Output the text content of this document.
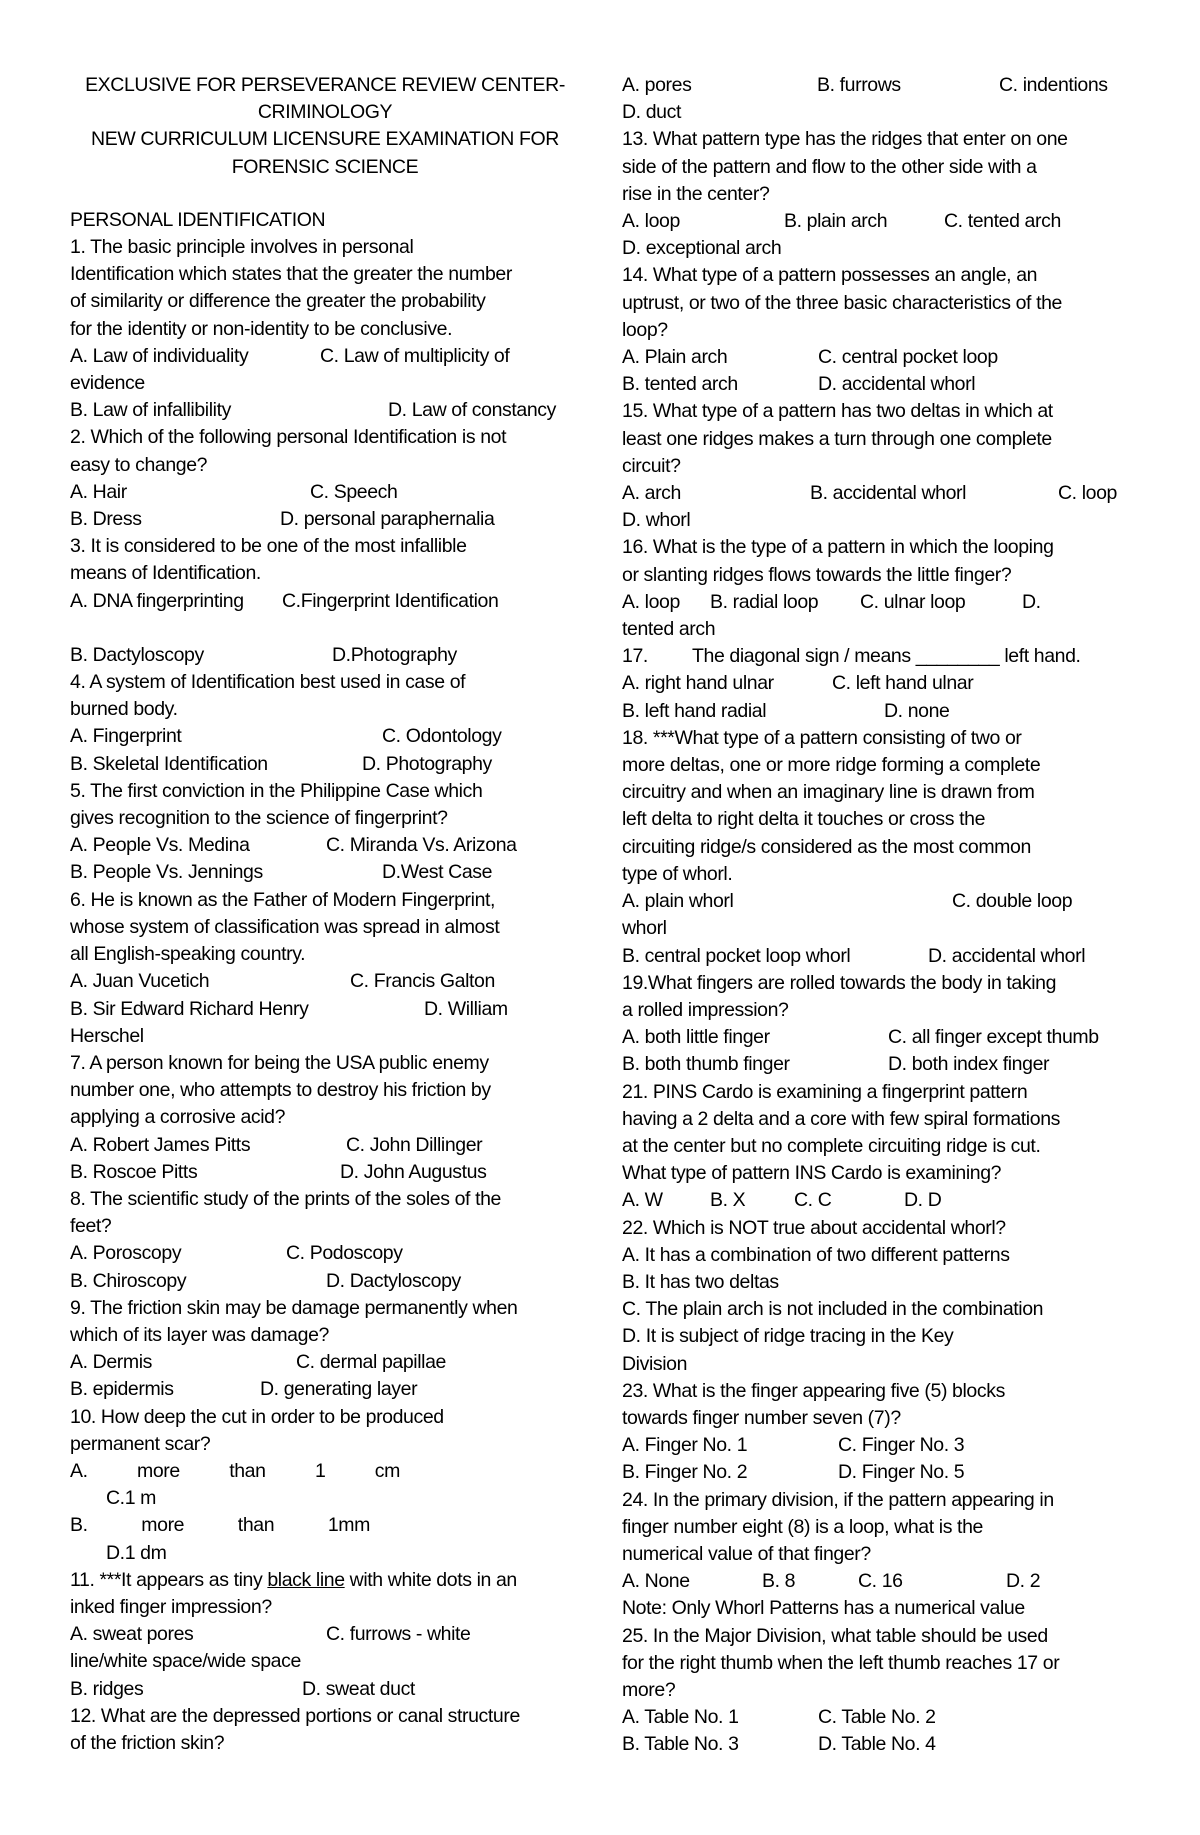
EXCLUSIVE FOR PERSEVERANCE REVIEW CENTER-
CRIMINOLOGY
NEW CURRICULUM LICENSURE EXAMINATION FOR
FORENSIC SCIENCE
PERSONAL IDENTIFICATION
1. The basic principle involves in personal
Identification which states that the greater the number
of similarity or difference the greater the probability
for the identity or non-identity to be conclusive.
A. Law of individuality	C. Law of multiplicity of
evidence
B. Law of infallibility	D. Law of constancy
2. Which of the following personal Identification is not
easy to change?
A. Hair	C. Speech
B. Dress	D. personal paraphernalia
3. It is considered to be one of the most infallible
means of Identification.
A. DNA fingerprinting	C.Fingerprint Identification
B. Dactyloscopy	D.Photography
4. A system of Identification best used in case of
burned body.
A. Fingerprint	C. Odontology
B. Skeletal Identification	D. Photography
5. The first conviction in the Philippine Case which
gives recognition to the science of fingerprint?
A. People Vs. Medina	C. Miranda Vs. Arizona
B. People Vs. Jennings	D.West Case
6. He is known as the Father of Modern Fingerprint,
whose system of classification was spread in almost
all English-speaking country.
A. Juan Vucetich	C. Francis Galton
B. Sir Edward Richard Henry	D. William
Herschel
7. A person known for being the USA public enemy
number one, who attempts to destroy his friction by
applying a corrosive acid?
A. Robert James Pitts	C. John Dillinger
B. Roscoe Pitts	D. John Augustus
8. The scientific study of the prints of the soles of the
feet?
A. Poroscopy	C. Podoscopy
B. Chiroscopy	D. Dactyloscopy
9. The friction skin may be damage permanently when
which of its layer was damage?
A. Dermis	C. dermal papillae
B. epidermis	D. generating layer
10. How deep the cut in order to be produced
permanent scar?
A.	more	than	1	cm
C.1 m
B.	more	than	1mm
D.1 dm
11. ***It appears as tiny black line with white dots in an
inked finger impression?
A. sweat pores	C. furrows - white
line/white space/wide space
B. ridges	D. sweat duct
12. What are the depressed portions or canal structure
of the friction skin?
A. pores	B. furrows	C. indentions
D. duct
13. What pattern type has the ridges that enter on one
side of the pattern and flow to the other side with a
rise in the center?
A. loop	B. plain arch	C. tented arch
D. exceptional arch
14. What type of a pattern possesses an angle, an
uptrust, or two of the three basic characteristics of the
loop?
A. Plain arch	C. central pocket loop
B. tented arch	D. accidental whorl
15. What type of a pattern has two deltas in which at
least one ridges makes a turn through one complete
circuit?
A. arch	B. accidental whorl	C. loop
D. whorl
16. What is the type of a pattern in which the looping
or slanting ridges flows towards the little finger?
A. loop	B. radial loop	C. ulnar loop	D.
tented arch
17.	The diagonal sign / means ________ left hand.
A. right hand ulnar	C. left hand ulnar
B. left hand radial	D. none
18. ***What type of a pattern consisting of two or
more deltas, one or more ridge forming a complete
circuitry and when an imaginary line is drawn from
left delta to right delta it touches or cross the
circuiting ridge/s considered as the most common
type of whorl.
A. plain whorl	C. double loop
whorl
B. central pocket loop whorl	D. accidental whorl
19.What fingers are rolled towards the body in taking
a rolled impression?
A. both little finger	C. all finger except thumb
B. both thumb finger	D. both index finger
21. PINS Cardo is examining a fingerprint pattern
having a 2 delta and a core with few spiral formations
at the center but no complete circuiting ridge is cut.
What type of pattern INS Cardo is examining?
A. W	B. X	C. C	D. D
22. Which is NOT true about accidental whorl?
A. It has a combination of two different patterns
B. It has two deltas
C. The plain arch is not included in the combination
D. It is subject of ridge tracing in the Key
Division
23. What is the finger appearing five (5) blocks
towards finger number seven (7)?
A. Finger No. 1	C. Finger No. 3
B. Finger No. 2	D. Finger No. 5
24. In the primary division, if the pattern appearing in
finger number eight (8) is a loop, what is the
numerical value of that finger?
A. None	B. 8	C. 16	D. 2
Note: Only Whorl Patterns has a numerical value
25. In the Major Division, what table should be used
for the right thumb when the left thumb reaches 17 or
more?
A. Table No. 1	C. Table No. 2
B. Table No. 3	D. Table No. 4
